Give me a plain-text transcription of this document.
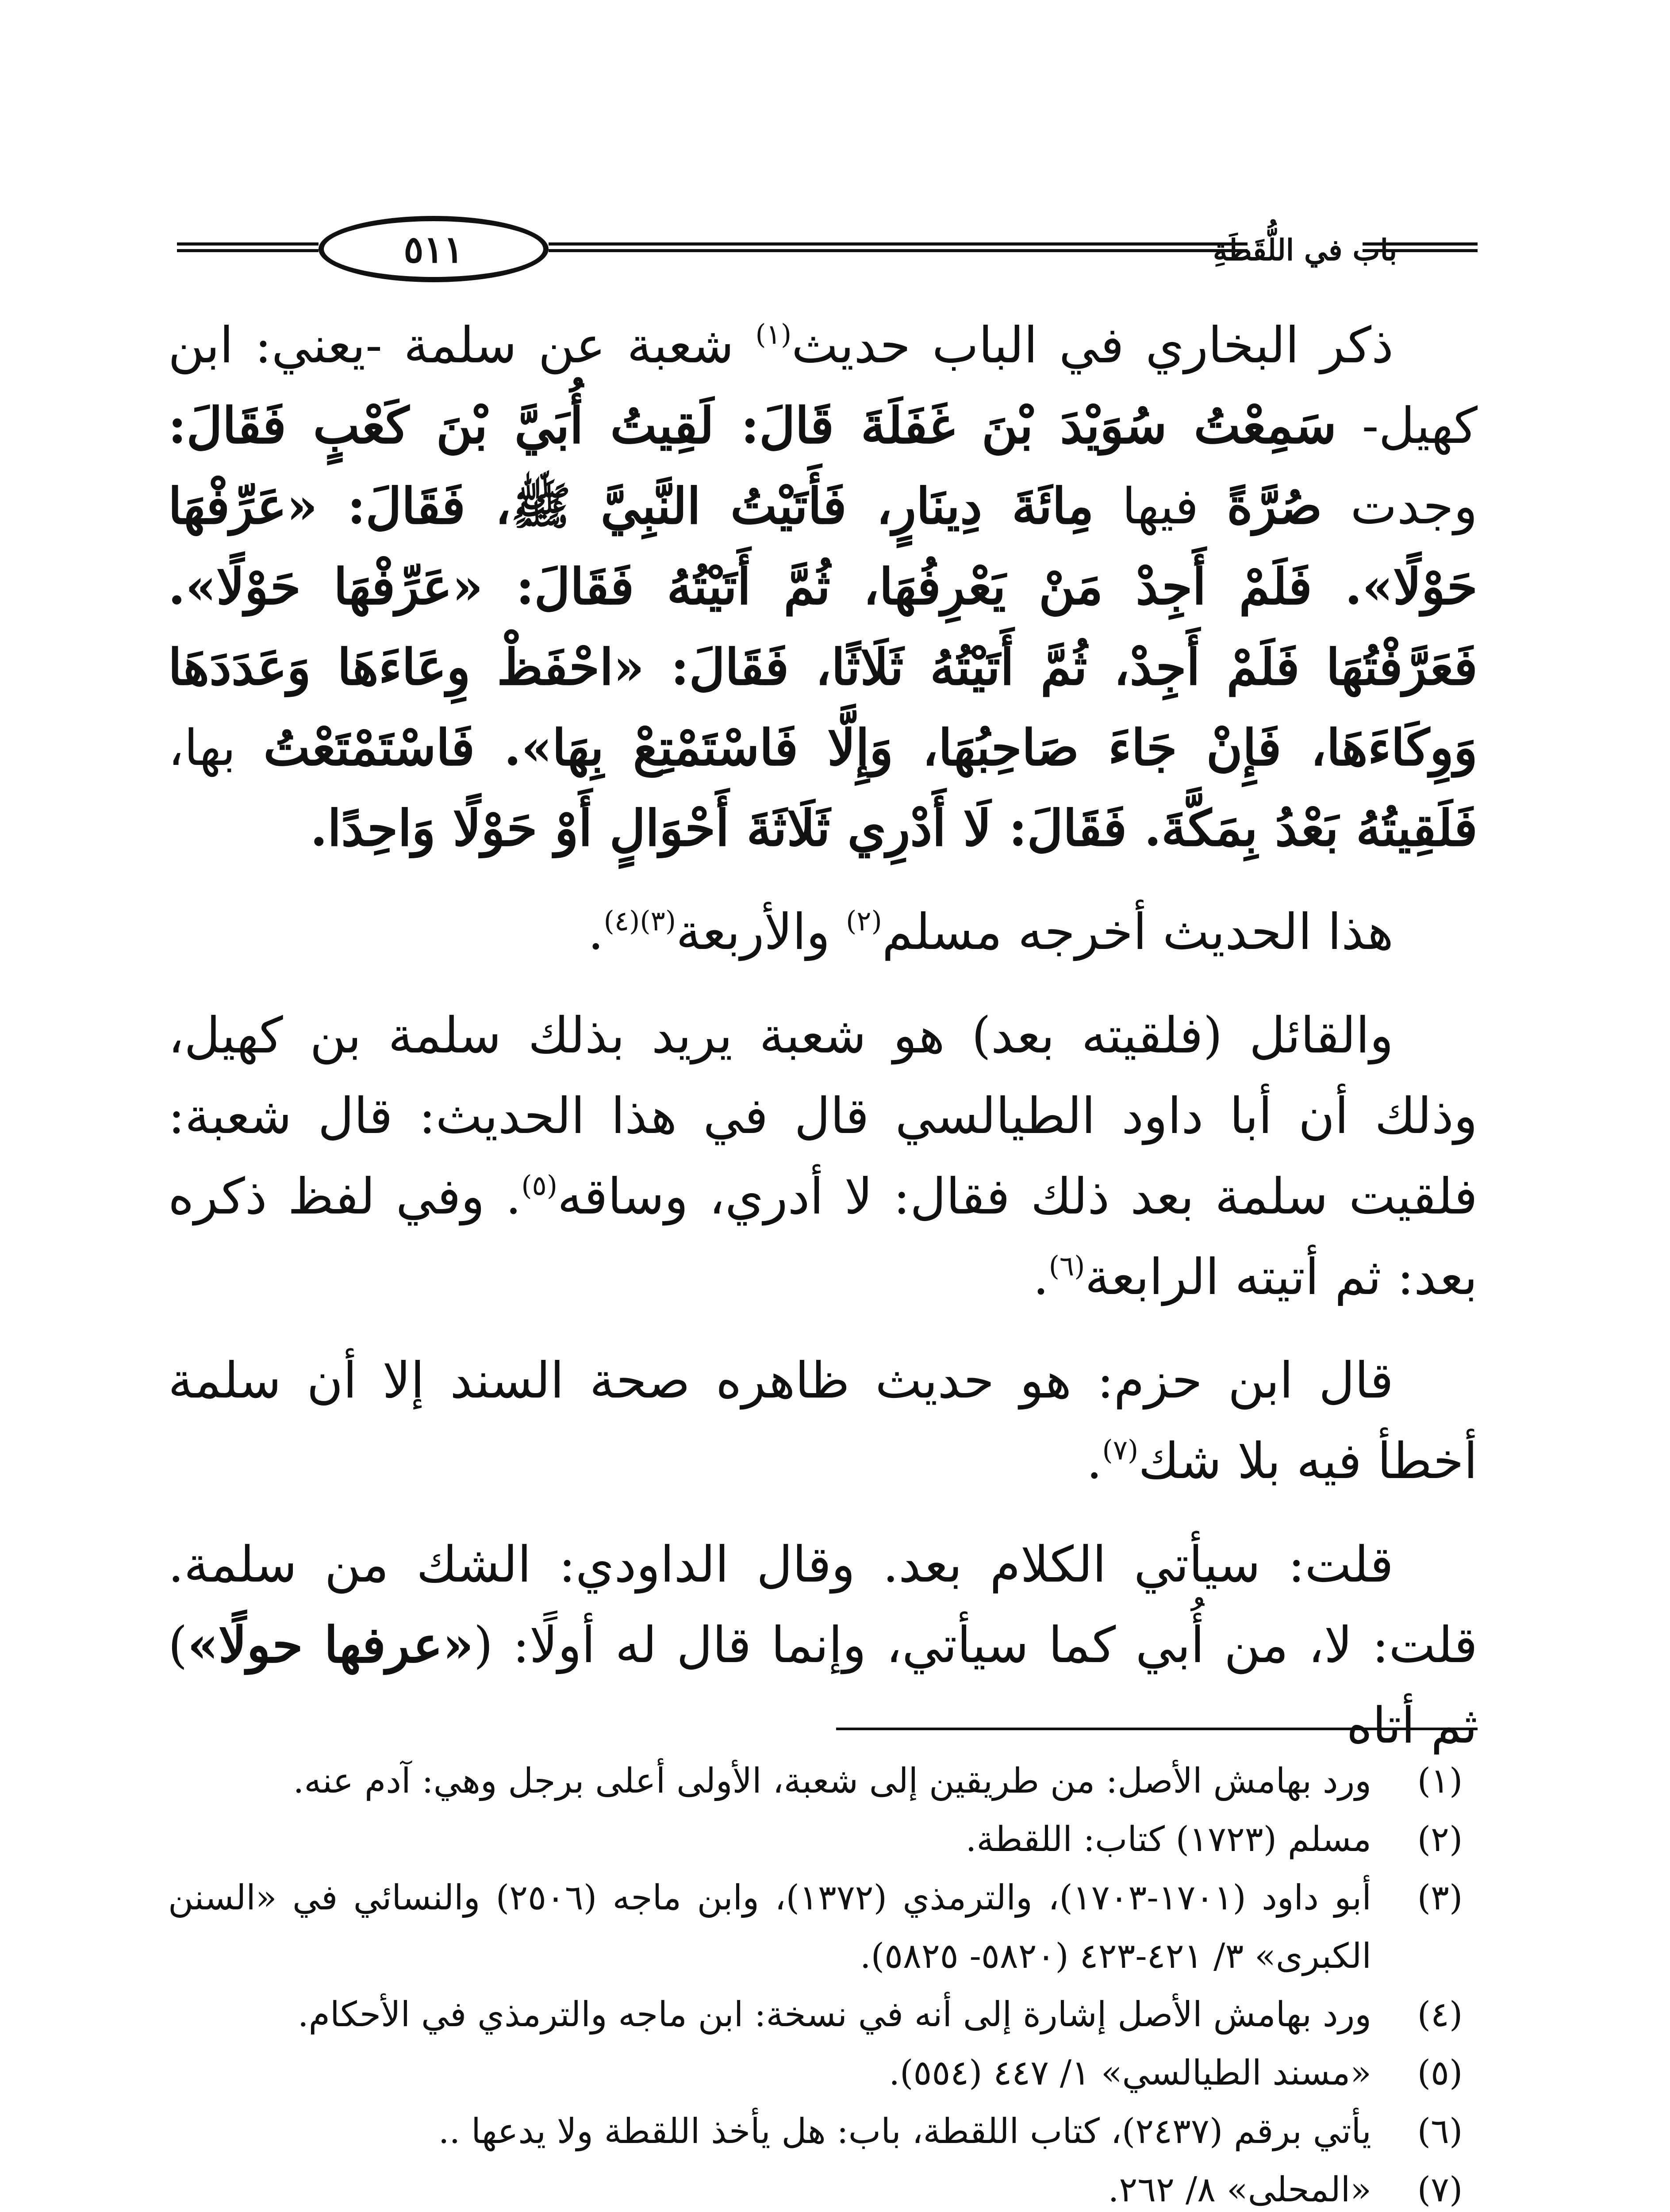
٥١١	باب في اللُّقَطَةِ

ذكر البخاري في الباب حديث$^{(١)}$ شعبة عن سلمة -يعني: ابن كهيل- سَمِعْتُ سُوَيْدَ بْنَ غَفَلَةَ قَالَ: لَقِيتُ أُبَيَّ بْنَ كَعْبٍ فَقَالَ: وجدت صُرَّةً فيها مِائَةَ دِينَارٍ، فَأَتَيْتُ النَّبِيَّ ﷺ، فَقَالَ: «عَرِّفْهَا حَوْلًا». فَلَمْ أَجِدْ مَنْ يَعْرِفُهَا، ثُمَّ أَتَيْتُهُ فَقَالَ: «عَرِّفْهَا حَوْلًا». فَعَرَّفْتُهَا فَلَمْ أَجِدْ، ثُمَّ أَتَيْتُهُ ثَلَاثًا، فَقَالَ: «احْفَظْ وِعَاءَهَا وَعَدَدَهَا وَوِكَاءَهَا، فَإِنْ جَاءَ صَاحِبُهَا، وَإِلَّا فَاسْتَمْتِعْ بِهَا». فَاسْتَمْتَعْتُ بها، فَلَقِيتُهُ بَعْدُ بِمَكَّةَ. فَقَالَ: لَا أَدْرِي ثَلَاثَةَ أَحْوَالٍ أَوْ حَوْلًا وَاحِدًا.

هذا الحديث أخرجه مسلم$^{(٢)}$ والأربعة$^{(٣)(٤)}$.

والقائل (فلقيته بعد) هو شعبة يريد بذلك سلمة بن كهيل، وذلك أن أبا داود الطيالسي قال في هذا الحديث: قال شعبة: فلقيت سلمة بعد ذلك فقال: لا أدري، وساقه$^{(٥)}$. وفي لفظ ذكره بعد: ثم أتيته الرابعة$^{(٦)}$.

قال ابن حزم: هو حديث ظاهره صحة السند إلا أن سلمة أخطأ فيه بلا شك$^{(٧)}$.

قلت: سيأتي الكلام بعد. وقال الداودي: الشك من سلمة. قلت: لا، من أُبي كما سيأتي، وإنما قال له أولًا: («عرفها حولًا») ثم أتاه

(١)
ورد بهامش الأصل: من طريقين إلى شعبة، الأولى أعلى برجل وهي: آدم عنه.
(٢)
مسلم (١٧٢٣) كتاب: اللقطة.
(٣)
أبو داود (١٧٠١-١٧٠٣)، والترمذي (١٣٧٢)، وابن ماجه (٢٥٠٦) والنسائي في «السنن الكبرى» ٣/ ٤٢١-٤٢٣ (٥٨٢٠- ٥٨٢٥).
(٤)
ورد بهامش الأصل إشارة إلى أنه في نسخة: ابن ماجه والترمذي في الأحكام.
(٥)
«مسند الطيالسي» ١/ ٤٤٧ (٥٥٤).
(٦)
يأتي برقم (٢٤٣٧)، كتاب اللقطة، باب: هل يأخذ اللقطة ولا يدعها ..
(٧)
«المحلى» ٨/ ٢٦٢.
